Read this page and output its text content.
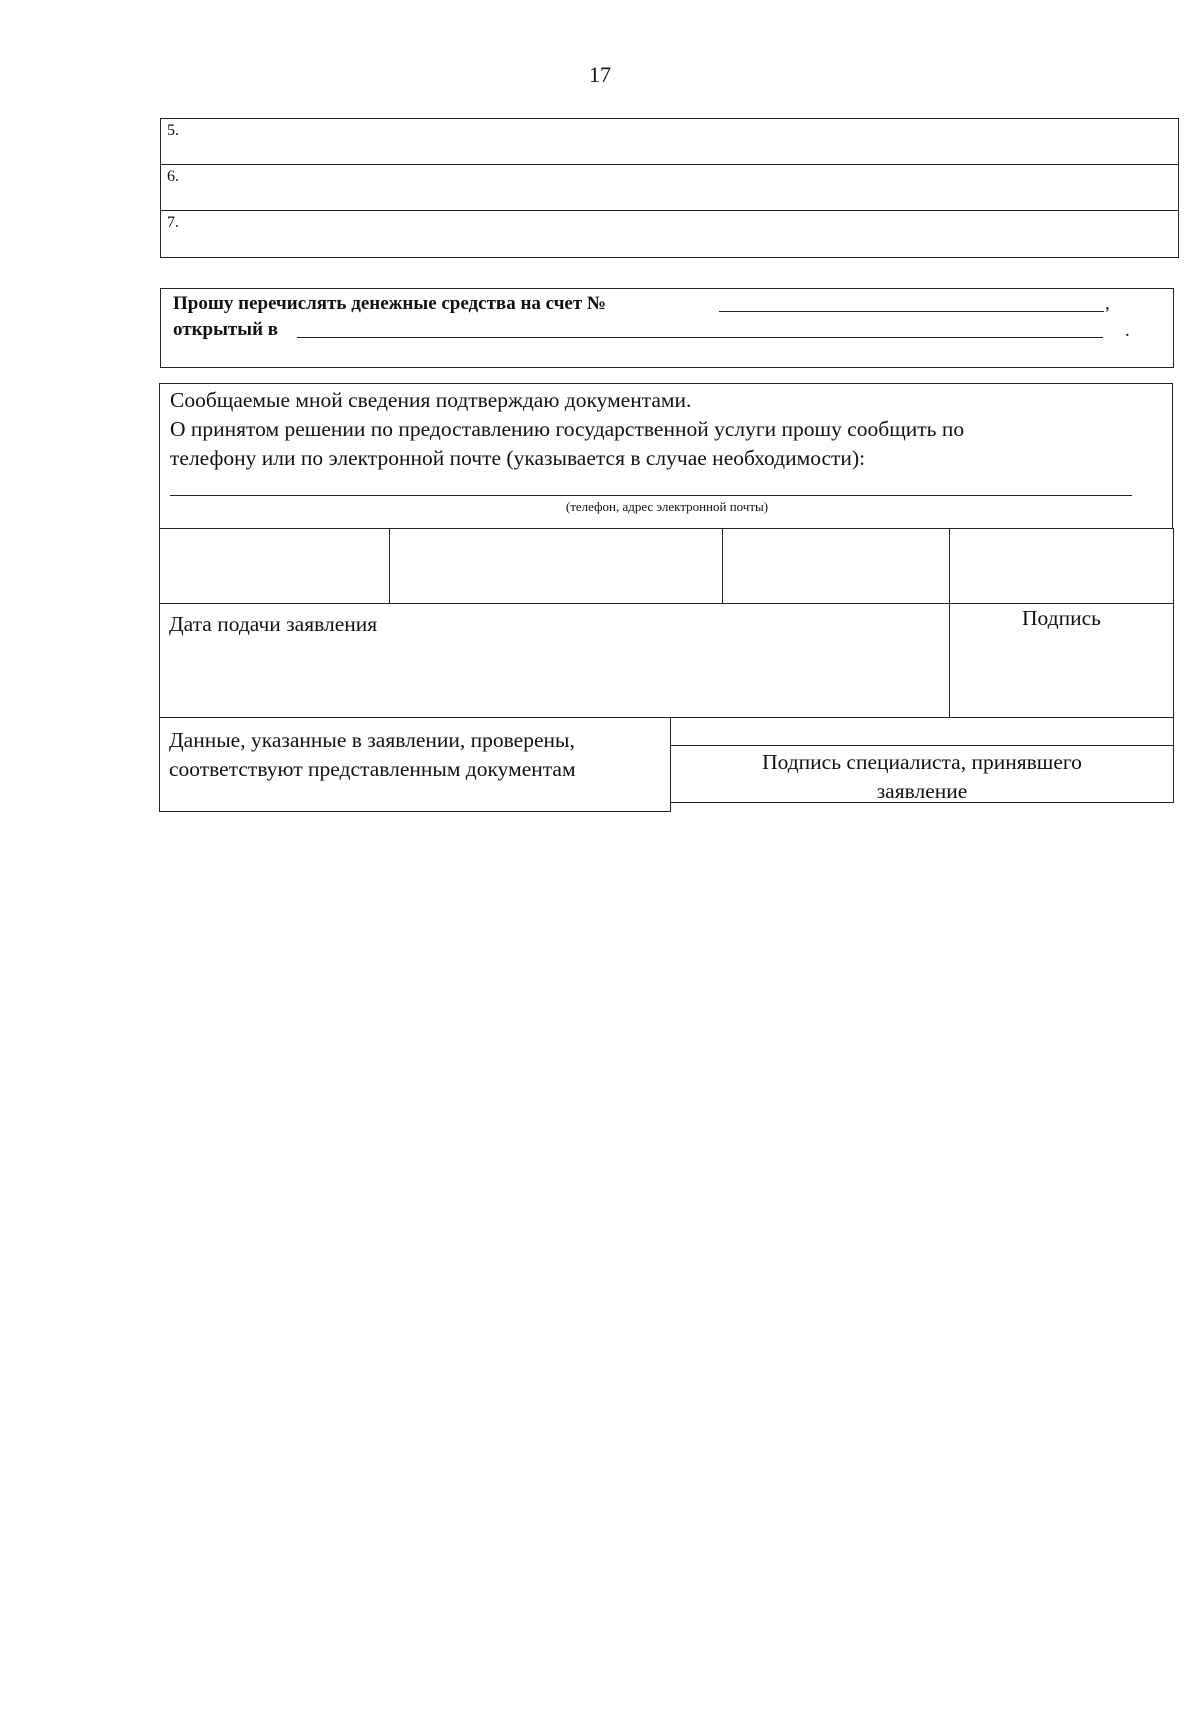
17
5.
6.
7.
Прошу перечислять денежные средства на счет №	,
открытый в	.
Сообщаемые мной сведения подтверждаю документами.
О принятом решении по предоставлению государственной услуги прошу сообщить по
телефону или по электронной почте (указывается в случае необходимости):
(телефон, адрес электронной почты)
Дата подачи заявления	Подпись
Данные, указанные в заявлении, проверены,
соответствуют представленным документам	Подпись специалиста, принявшего
заявление
